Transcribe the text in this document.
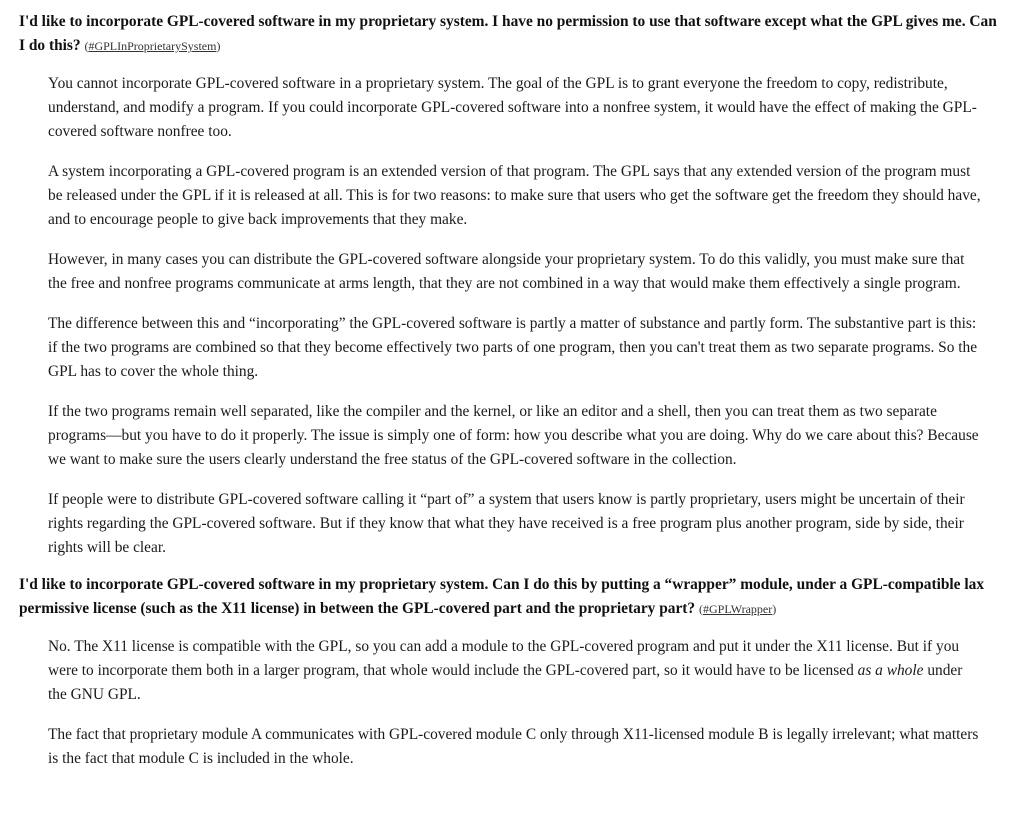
I'd like to incorporate GPL-covered software in my proprietary system. I have no permission to use that software except what the GPL gives me. Can I do this? (#GPLInProprietarySystem)

You cannot incorporate GPL-covered software in a proprietary system. The goal of the GPL is to grant everyone the freedom to copy, redistribute, understand, and modify a program. If you could incorporate GPL-covered software into a nonfree system, it would have the effect of making the GPL-covered software nonfree too.

A system incorporating a GPL-covered program is an extended version of that program. The GPL says that any extended version of the program must be released under the GPL if it is released at all. This is for two reasons: to make sure that users who get the software get the freedom they should have, and to encourage people to give back improvements that they make.

However, in many cases you can distribute the GPL-covered software alongside your proprietary system. To do this validly, you must make sure that the free and nonfree programs communicate at arms length, that they are not combined in a way that would make them effectively a single program.

The difference between this and “incorporating” the GPL-covered software is partly a matter of substance and partly form. The substantive part is this: if the two programs are combined so that they become effectively two parts of one program, then you can't treat them as two separate programs. So the GPL has to cover the whole thing.

If the two programs remain well separated, like the compiler and the kernel, or like an editor and a shell, then you can treat them as two separate programs—but you have to do it properly. The issue is simply one of form: how you describe what you are doing. Why do we care about this? Because we want to make sure the users clearly understand the free status of the GPL-covered software in the collection.

If people were to distribute GPL-covered software calling it “part of” a system that users know is partly proprietary, users might be uncertain of their rights regarding the GPL-covered software. But if they know that what they have received is a free program plus another program, side by side, their rights will be clear.

I'd like to incorporate GPL-covered software in my proprietary system. Can I do this by putting a “wrapper” module, under a GPL-compatible lax permissive license (such as the X11 license) in between the GPL-covered part and the proprietary part? (#GPLWrapper)

No. The X11 license is compatible with the GPL, so you can add a module to the GPL-covered program and put it under the X11 license. But if you were to incorporate them both in a larger program, that whole would include the GPL-covered part, so it would have to be licensed as a whole under the GNU GPL.

The fact that proprietary module A communicates with GPL-covered module C only through X11-licensed module B is legally irrelevant; what matters is the fact that module C is included in the whole.
